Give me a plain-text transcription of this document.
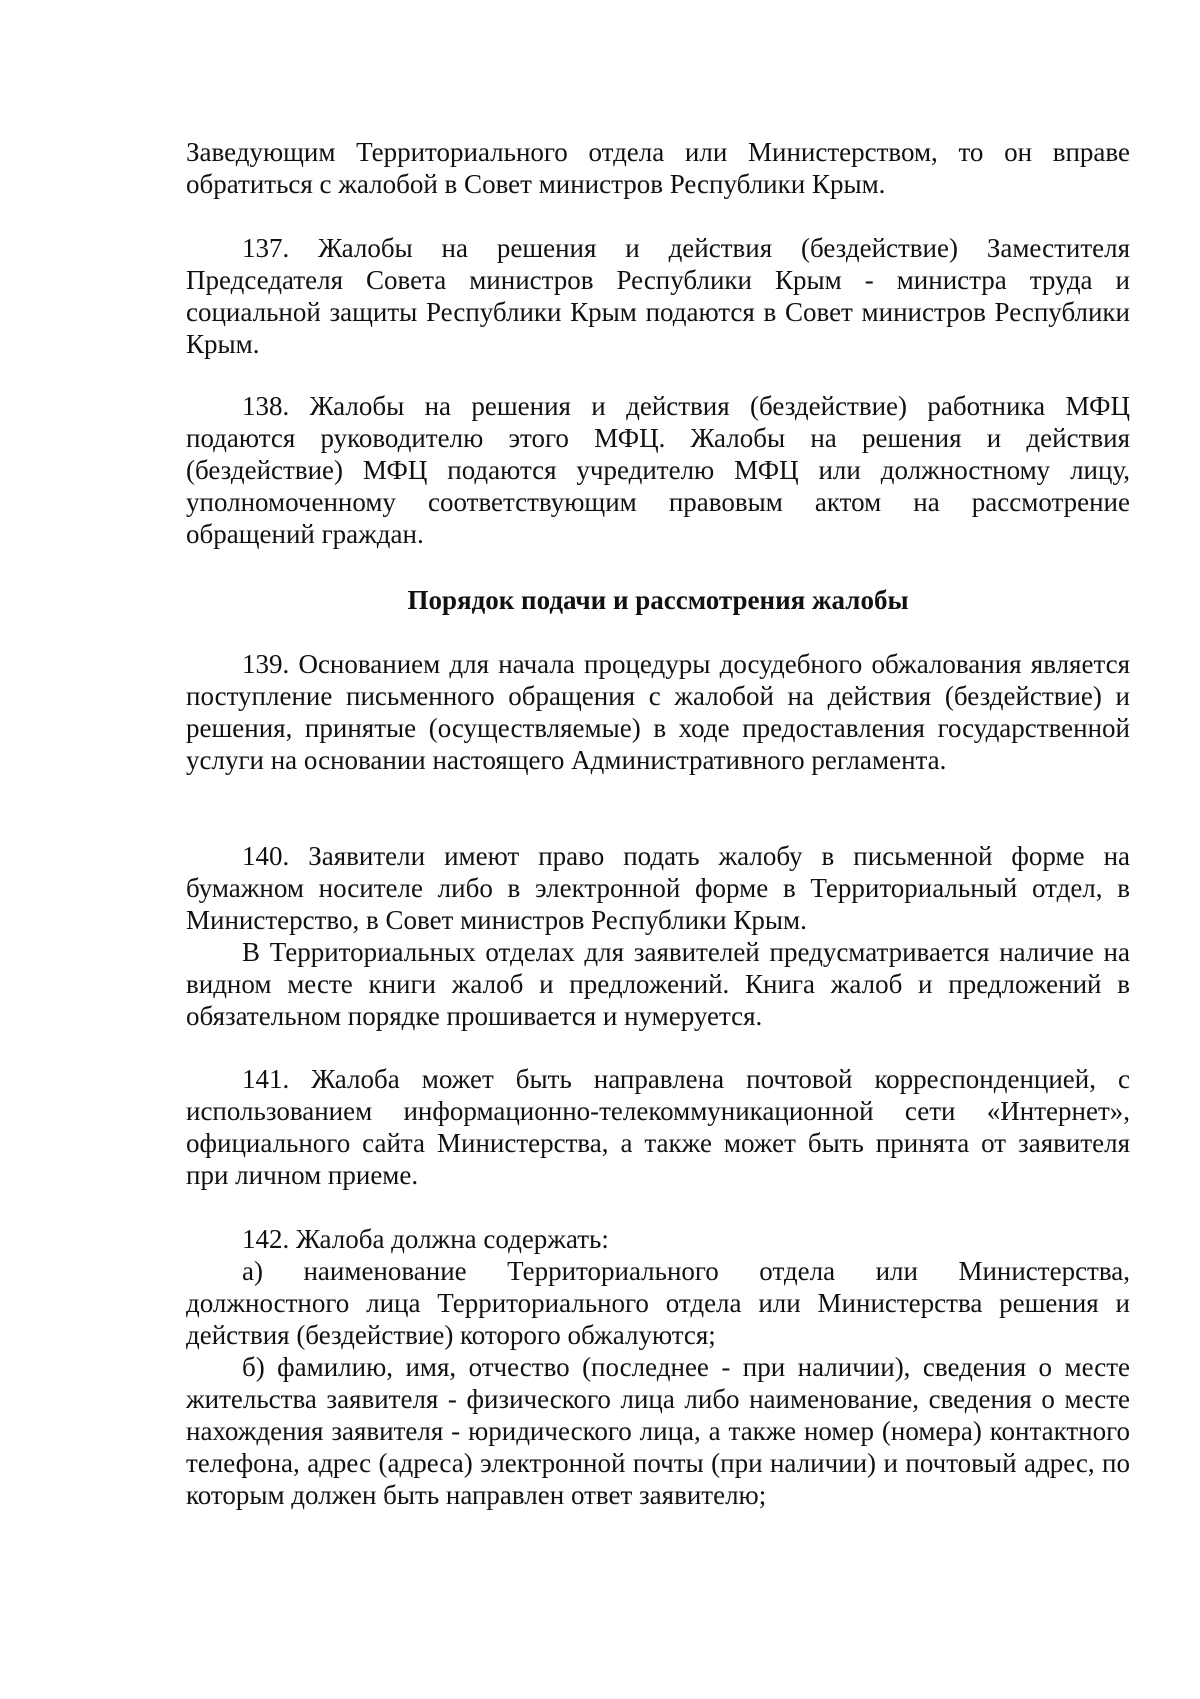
Заведующим Территориального отдела или Министерством, то он вправе обратиться с жалобой в Совет министров Республики Крым.

137. Жалобы на решения и действия (бездействие) Заместителя Председателя Совета министров Республики Крым - министра труда и социальной защиты Республики Крым подаются в Совет министров Республики Крым.

138. Жалобы на решения и действия (бездействие) работника МФЦ подаются руководителю этого МФЦ. Жалобы на решения и действия (бездействие) МФЦ подаются учредителю МФЦ или должностному лицу, уполномоченному соответствующим правовым актом на рассмотрение обращений граждан.

Порядок подачи и рассмотрения жалобы

139. Основанием для начала процедуры досудебного обжалования является поступление письменного обращения с жалобой на действия (бездействие) и решения, принятые (осуществляемые) в ходе предоставления государственной услуги на основании настоящего Административного регламента.

140. Заявители имеют право подать жалобу в письменной форме на бумажном носителе либо в электронной форме в Территориальный отдел, в Министерство, в Совет министров Республики Крым.

В Территориальных отделах для заявителей предусматривается наличие на видном месте книги жалоб и предложений. Книга жалоб и предложений в обязательном порядке прошивается и нумеруется.

141. Жалоба может быть направлена почтовой корреспонденцией, с использованием информационно-телекоммуникационной сети «Интернет», официального сайта Министерства, а также может быть принята от заявителя при личном приеме.

142. Жалоба должна содержать:

а) наименование Территориального отдела или Министерства, должностного лица Территориального отдела или Министерства решения и действия (бездействие) которого обжалуются;

б) фамилию, имя, отчество (последнее - при наличии), сведения о месте жительства заявителя - физического лица либо наименование, сведения о месте нахождения заявителя - юридического лица, а также номер (номера) контактного телефона, адрес (адреса) электронной почты (при наличии) и почтовый адрес, по которым должен быть направлен ответ заявителю;
